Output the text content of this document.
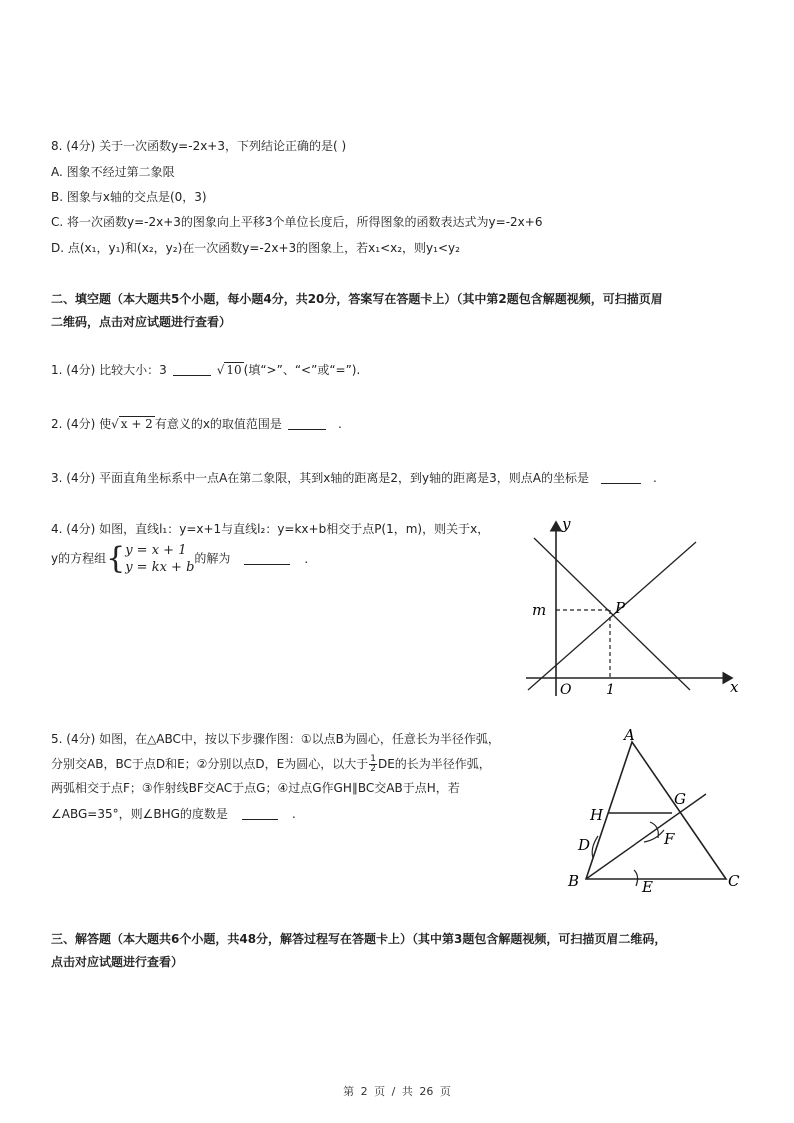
8. (4分) 关于一次函数y=-2x+3，下列结论正确的是( )
A. 图象不经过第二象限
B. 图象与x轴的交点是(0，3)
C. 将一次函数y=-2x+3的图象向上平移3个单位长度后，所得图象的函数表达式为y=-2x+6
D. 点(x₁，y₁)和(x₂，y₂)在一次函数y=-2x+3的图象上，若x₁<x₂，则y₁<y₂
二、填空题（本大题共5个小题，每小题4分，共20分，答案写在答题卡上）（其中第2题包含解题视频，可扫描页眉
二维码，点击对应试题进行查看）
1. (4分) 比较大小：3	√ 10 (填“>”、“<”或“=”).
2. (4分) 使√ x + 2 有意义的x的取值范围是	.
3. (4分) 平面直角坐标系中一点A在第二象限，其到x轴的距离是2，到y轴的距离是3，则点A的坐标是	.
4. (4分) 如图，直线l₁：y=x+1与直线l₂：y=kx+b相交于点P(1，m)，则关于x，
y的方程组{ y = x + 1
y = kx + b
的解为	.
y
x
m	P
O 1
5. (4分) 如图，在△ABC中，按以下步骤作图：①以点B为圆心，任意长为半径作弧，
分别交AB，BC于点D和E；②分别以点D，E为圆心，以大于 $\frac{1}{2}$ DE的长为半径作弧，
两弧相交于点F；③作射线BF交AC于点G；④过点G作GH∥BC交AB于点H，若
∠ABG=35°，则∠BHG的度数是	.
A
B	C
D
E
F
G
H
三、解答题（本大题共6个小题，共48分，解答过程写在答题卡上）（其中第3题包含解题视频，可扫描页眉二维码，
点击对应试题进行查看）
第 2 页 / 共 26 页
